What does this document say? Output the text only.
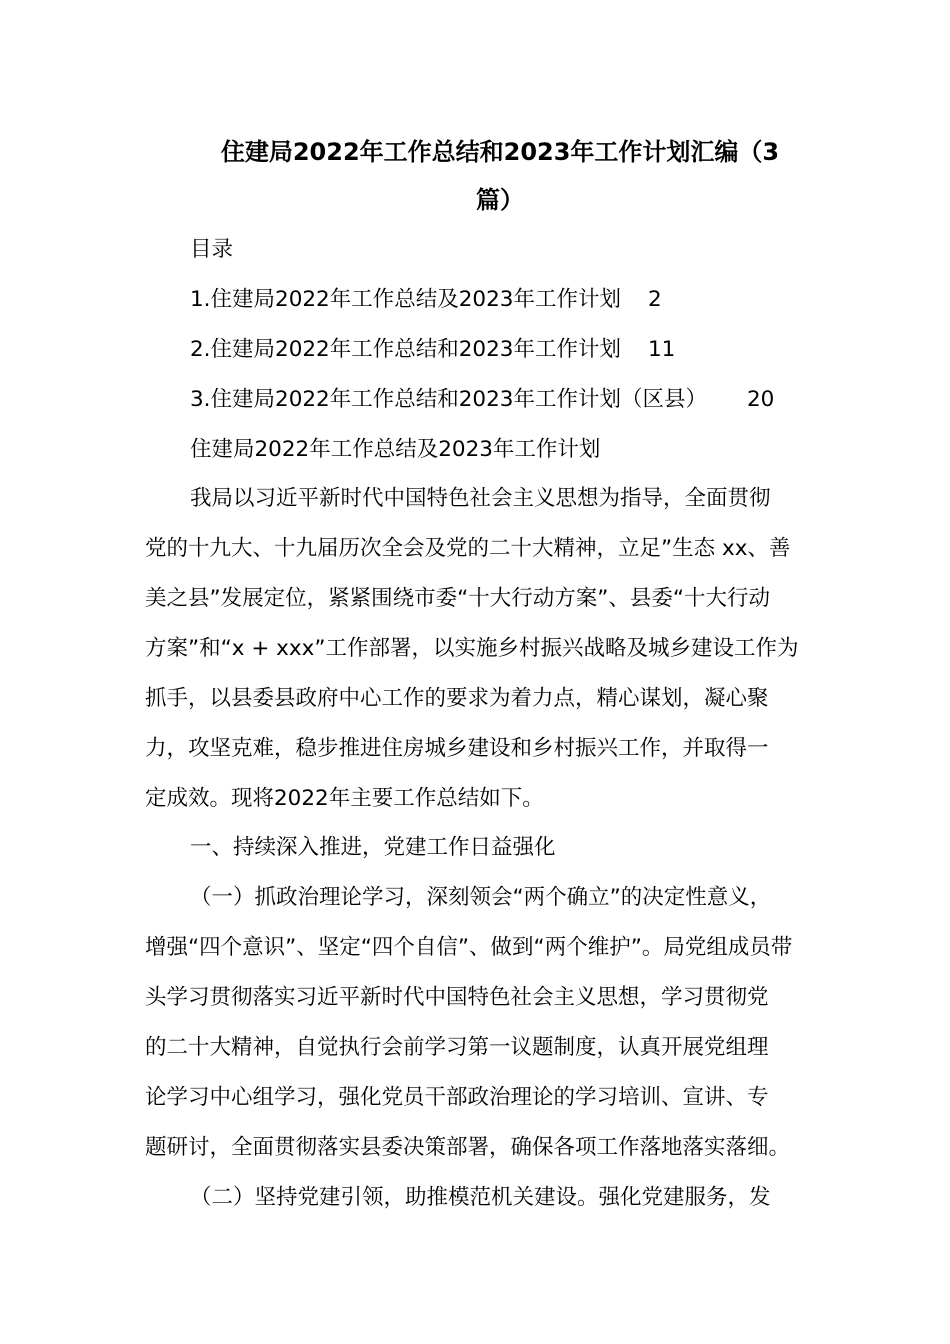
住建局2022年工作总结和2023年工作计划汇编（3
篇）
目录
1.住建局2022年工作总结及2023年工作计划 2
2.住建局2022年工作总结和2023年工作计划 11
3.住建局2022年工作总结和2023年工作计划（区县） 20
住建局2022年工作总结及2023年工作计划
我局以习近平新时代中国特色社会主义思想为指导，全面贯彻
党的十九大、十九届历次全会及党的二十大精神，立足”生态 xx、善
美之县”发展定位，紧紧围绕市委“十大行动方案”、县委“十大行动
方案”和“x + xxx”工作部署，以实施乡村振兴战略及城乡建设工作为
抓手，以县委县政府中心工作的要求为着力点，精心谋划，凝心聚
力，攻坚克难，稳步推进住房城乡建设和乡村振兴工作，并取得一
定成效。现将2022年主要工作总结如下。
一、持续深入推进，党建工作日益强化
（一）抓政治理论学习，深刻领会“两个确立”的决定性意义，
增强“四个意识”、坚定“四个自信”、做到“两个维护”。局党组成员带
头学习贯彻落实习近平新时代中国特色社会主义思想，学习贯彻党
的二十大精神，自觉执行会前学习第一议题制度，认真开展党组理
论学习中心组学习，强化党员干部政治理论的学习培训、宣讲、专
题研讨，全面贯彻落实县委决策部署，确保各项工作落地落实落细。
（二）坚持党建引领，助推模范机关建设。强化党建服务，发
